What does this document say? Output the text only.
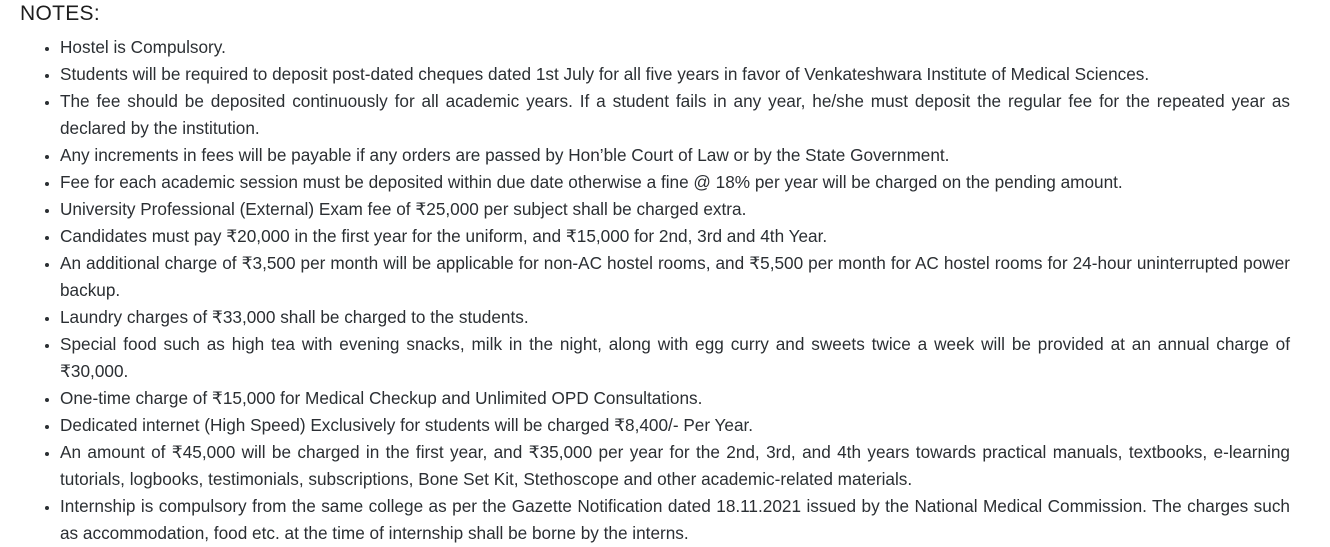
NOTES:
• Hostel is Compulsory.
• Students will be required to deposit post-dated cheques dated 1st July for all five years in favor of Venkateshwara Institute of Medical Sciences.
• The fee should be deposited continuously for all academic years. If a student fails in any year, he/she must deposit the regular fee for the repeated year as declared by the institution.
• Any increments in fees will be payable if any orders are passed by Hon’ble Court of Law or by the State Government.
• Fee for each academic session must be deposited within due date otherwise a fine @ 18% per year will be charged on the pending amount.
• University Professional (External) Exam fee of ₹25,000 per subject shall be charged extra.
• Candidates must pay ₹20,000 in the first year for the uniform, and ₹15,000 for 2nd, 3rd and 4th Year.
• An additional charge of ₹3,500 per month will be applicable for non-AC hostel rooms, and ₹5,500 per month for AC hostel rooms for 24-hour uninterrupted power backup.
• Laundry charges of ₹33,000 shall be charged to the students.
• Special food such as high tea with evening snacks, milk in the night, along with egg curry and sweets twice a week will be provided at an annual charge of ₹30,000.
• One-time charge of ₹15,000 for Medical Checkup and Unlimited OPD Consultations.
• Dedicated internet (High Speed) Exclusively for students will be charged ₹8,400/- Per Year.
• An amount of ₹45,000 will be charged in the first year, and ₹35,000 per year for the 2nd, 3rd, and 4th years towards practical manuals, textbooks, e-learning tutorials, logbooks, testimonials, subscriptions, Bone Set Kit, Stethoscope and other academic-related materials.
• Internship is compulsory from the same college as per the Gazette Notification dated 18.11.2021 issued by the National Medical Commission. The charges such as accommodation, food etc. at the time of internship shall be borne by the interns.
